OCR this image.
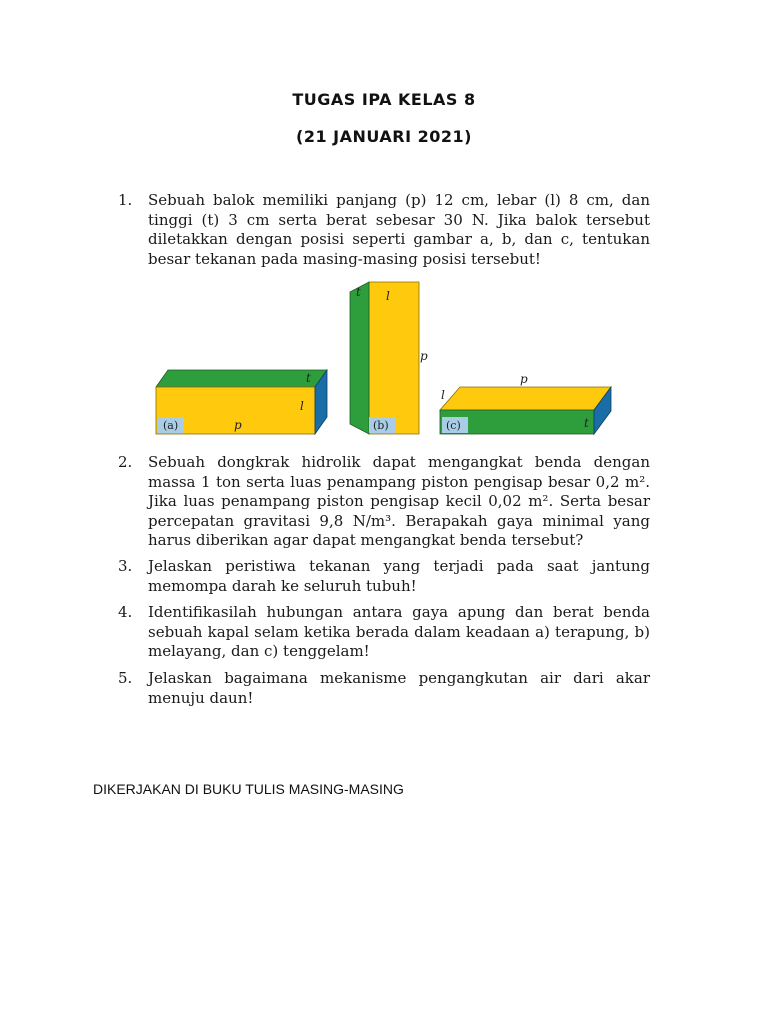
TUGAS IPA KELAS 8
(21 JANUARI 2021)
1.	Sebuah balok memiliki panjang (p) 12 cm, lebar (l) 8 cm, dan tinggi (t) 3 cm serta berat sebesar 30 N. Jika balok tersebut diletakkan dengan posisi seperti gambar a, b, dan c, tentukan besar tekanan pada masing-masing posisi tersebut!
(a)	p
l
t
(b)
l
t
p
(c)
p
l
t
2.	Sebuah dongkrak hidrolik dapat mengangkat benda dengan massa 1 ton serta luas penampang piston pengisap besar 0,2 m². Jika luas penampang piston pengisap kecil 0,02 m². Serta besar percepatan gravitasi 9,8 N/m³. Berapakah gaya minimal yang harus diberikan agar dapat mengangkat benda tersebut?
3.	Jelaskan peristiwa tekanan yang terjadi pada saat jantung memompa darah ke seluruh tubuh!
4.	Identifikasilah hubungan antara gaya apung dan berat benda sebuah kapal selam ketika berada dalam keadaan a) terapung, b) melayang, dan c) tenggelam!
5.	Jelaskan bagaimana mekanisme pengangkutan air dari akar menuju daun!
DIKERJAKAN DI BUKU TULIS MASING-MASING
